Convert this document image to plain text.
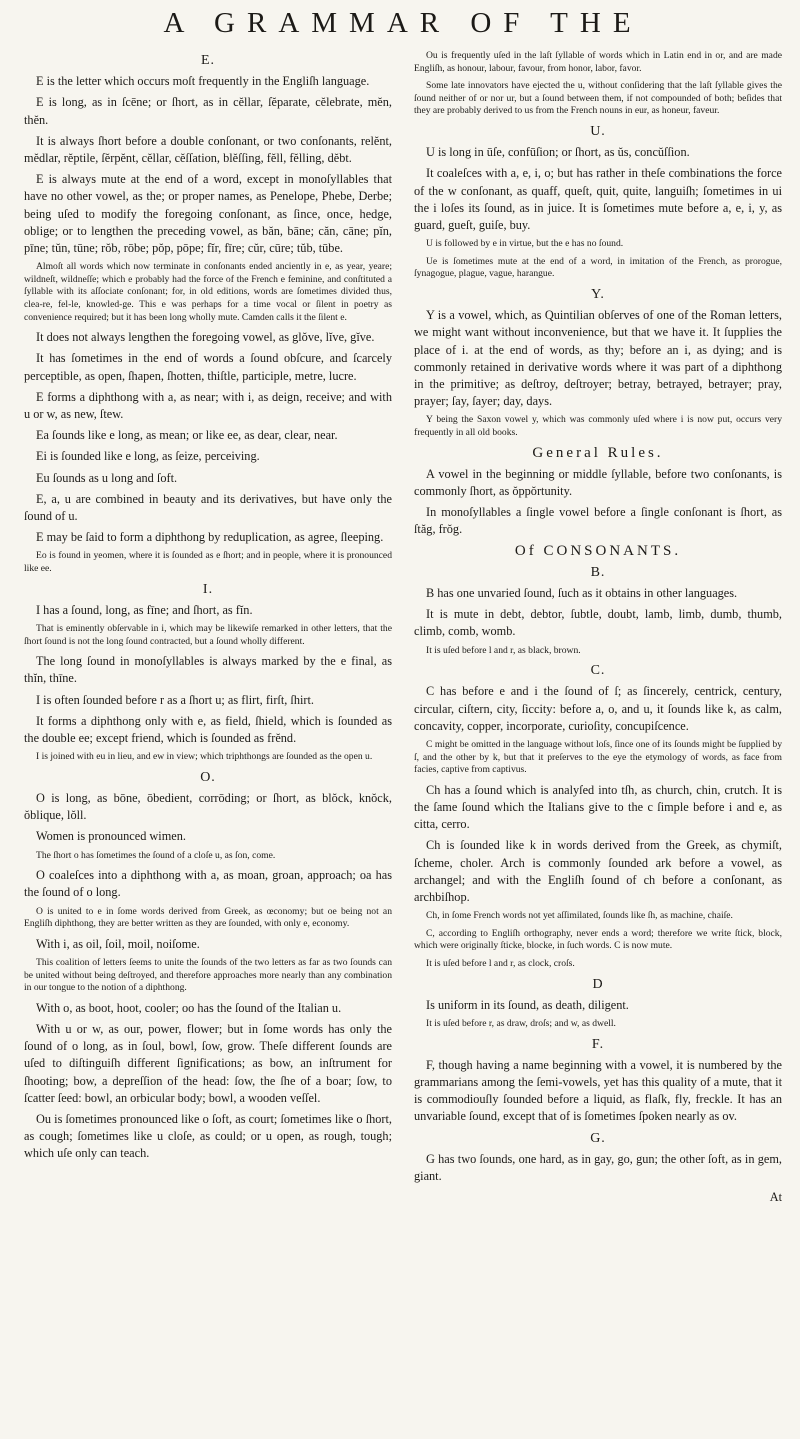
A GRAMMAR OF THE
E.

E is the letter which occurs moſt frequently in the Engliſh language.

E is long, as in ſcēne; or ſhort, as in cĕllar, ſĕparate, cĕlebrate, mĕn, thĕn.

It is always ſhort before a double conſonant, or two conſonants, relĕnt, mĕdlar, rĕptile, ſĕrpĕnt, cĕllar, cĕſſation, blĕſſing, fĕll, fĕlling, dĕbt.

E is always mute at the end of a word, except in monoſyllables that have no other vowel, as the; or proper names, as Penelope, Phebe, Derbe; being uſed to modify the foregoing conſonant, as ſince, once, hedge, oblige; or to lengthen the preceding vowel, as băn, bāne; căn, cāne; pĭn, pīne; tŭn, tūne; rŏb, rōbe; pŏp, pōpe; fĭr, fīre; cŭr, cūre; tŭb, tūbe.

Almoſt all words which now terminate in conſonants ended anciently in e, as year, yeare; wildneſt, wildneſſe; which e probably had the force of the French e feminine, and conſtituted a ſyllable with its aſſociate conſonant; for, in old editions, words are ſometimes divided thus, clea-re, fel-le, knowled-ge. This e was perhaps for a time vocal or ſilent in poetry as convenience required; but it has been long wholly mute. Camden calls it the ſilent e.

It does not always lengthen the foregoing vowel, as glŏve, lĭve, gĭve.

It has ſometimes in the end of words a ſound obſcure, and ſcarcely perceptible, as open, ſhapen, ſhotten, thiſtle, participle, metre, lucre.

E forms a diphthong with a, as near; with i, as deign, receive; and with u or w, as new, ſtew.

Ea ſounds like e long, as mean; or like ee, as dear, clear, near.

Ei is ſounded like e long, as ſeize, perceiving.

Eu ſounds as u long and ſoft.

E, a, u are combined in beauty and its derivatives, but have only the ſound of u.

E may be ſaid to form a diphthong by reduplication, as agree, ſleeping.

Eo is found in yeomen, where it is ſounded as e ſhort; and in people, where it is pronounced like ee.

I.

I has a ſound, long, as fīne; and ſhort, as fĭn.

That is eminently obſervable in i, which may be likewiſe remarked in other letters, that the ſhort ſound is not the long ſound contracted, but a ſound wholly different.

The long ſound in monoſyllables is always marked by the e final, as thĭn, thīne.

I is often ſounded before r as a ſhort u; as flirt, firſt, ſhirt.

It forms a diphthong only with e, as field, ſhield, which is ſounded as the double ee; except friend, which is ſounded as frĕnd.

I is joined with eu in lieu, and ew in view; which triphthongs are ſounded as the open u.

O.

O is long, as bōne, ōbedient, corrōding; or ſhort, as blŏck, knŏck, ŏblique, lŏll.

Women is pronounced wimen.

The ſhort o has ſometimes the ſound of a cloſe u, as ſon, come.

O coaleſces into a diphthong with a, as moan, groan, approach; oa has the ſound of o long.

O is united to e in ſome words derived from Greek, as œconomy; but oe being not an Engliſh diphthong, they are better written as they are ſounded, with only e, economy.

With i, as oil, ſoil, moil, noiſome.

This coalition of letters ſeems to unite the ſounds of the two letters as far as two ſounds can be united without being deſtroyed, and therefore approaches more nearly than any combination in our tongue to the notion of a diphthong.

With o, as boot, hoot, cooler; oo has the ſound of the Italian u.

With u or w, as our, power, flower; but in ſome words has only the ſound of o long, as in ſoul, bowl, ſow, grow. Theſe different ſounds are uſed to diſtinguiſh different ſignifications; as bow, an inſtrument for ſhooting; bow, a depreſſion of the head: ſow, the ſhe of a boar; ſow, to ſcatter ſeed: bowl, an orbicular body; bowl, a wooden veſſel.

Ou is ſometimes pronounced like o ſoft, as court; ſometimes like o ſhort, as cough; ſometimes like u cloſe, as could; or u open, as rough, tough; which uſe only can teach.

Ou is frequently uſed in the laſt ſyllable of words which in Latin end in or, and are made Engliſh, as honour, labour, favour, from honor, labor, favor.

Some late innovators have ejected the u, without conſidering that the laſt ſyllable gives the ſound neither of or nor ur, but a ſound between them, if not compounded of both; beſides that they are probably derived to us from the French nouns in eur, as honeur, faveur.

U.

U is long in ūſe, confūſion; or ſhort, as ŭs, concŭſſion.

It coaleſces with a, e, i, o; but has rather in theſe combinations the force of the w conſonant, as quaff, queſt, quit, quite, languiſh; ſometimes in ui the i loſes its ſound, as in juice. It is ſometimes mute before a, e, i, y, as guard, gueſt, guiſe, buy.

U is followed by e in virtue, but the e has no ſound.

Ue is ſometimes mute at the end of a word, in imitation of the French, as prorogue, ſynagogue, plague, vague, harangue.

Y.

Y is a vowel, which, as Quintilian obſerves of one of the Roman letters, we might want without inconvenience, but that we have it. It ſupplies the place of i. at the end of words, as thy; before an i, as dying; and is commonly retained in derivative words where it was part of a diphthong in the primitive; as deſtroy, deſtroyer; betray, betrayed, betrayer; pray, prayer; ſay, ſayer; day, days.

Y being the Saxon vowel y, which was commonly uſed where i is now put, occurs very frequently in all old books.

General Rules.

A vowel in the beginning or middle ſyllable, before two conſonants, is commonly ſhort, as ŏppŏrtunity.

In monoſyllables a ſingle vowel before a ſingle conſonant is ſhort, as ſtăg, frŏg.

Of CONSONANTS.
B.

B has one unvaried ſound, ſuch as it obtains in other languages.

It is mute in debt, debtor, ſubtle, doubt, lamb, limb, dumb, thumb, climb, comb, womb.

It is uſed before l and r, as black, brown.

C.

C has before e and i the ſound of ſ; as ſincerely, centrick, century, circular, ciſtern, city, ſiccity: before a, o, and u, it ſounds like k, as calm, concavity, copper, incorporate, curioſity, concupiſcence.

C might be omitted in the language without loſs, ſince one of its ſounds might be ſupplied by ſ, and the other by k, but that it preſerves to the eye the etymology of words, as face from facies, captive from captivus.

Ch has a ſound which is analyſed into tſh, as church, chin, crutch. It is the ſame ſound which the Italians give to the c ſimple before i and e, as citta, cerro.

Ch is ſounded like k in words derived from the Greek, as chymiſt, ſcheme, choler. Arch is commonly ſounded ark before a vowel, as archangel; and with the Engliſh ſound of ch before a conſonant, as archbiſhop.

Ch, in ſome French words not yet aſſimilated, ſounds like ſh, as machine, chaiſe.

C, according to Engliſh orthography, never ends a word; therefore we write ſtick, block, which were originally ſticke, blocke, in ſuch words. C is now mute.

It is uſed before l and r, as clock, croſs.

D

Is uniform in its ſound, as death, diligent.

It is uſed before r, as draw, droſs; and w, as dwell.

F.

F, though having a name beginning with a vowel, it is numbered by the grammarians among the ſemi-vowels, yet has this quality of a mute, that it is commodiouſly ſounded before a liquid, as flaſk, fly, freckle. It has an unvariable ſound, except that of is ſometimes ſpoken nearly as ov.

G.

G has two ſounds, one hard, as in gay, go, gun; the other ſoft, as in gem, giant.

At
